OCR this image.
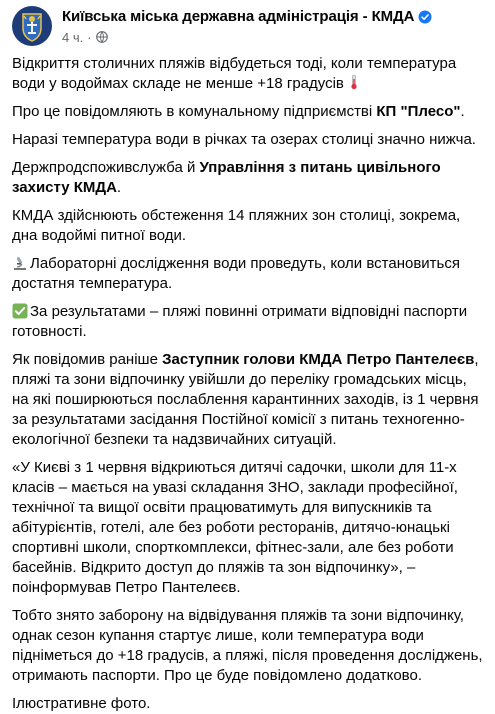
Київська міська державна адміністрація - КМДА
4 ч. ·

Відкриття столичних пляжів відбудеться тоді, коли температура води у водоймах складе не менше +18 градусів

Про це повідомляють в комунальному підприємстві КП "Плесо".

Наразі температура води в річках та озерах столиці значно нижча.

Держпродспоживслужба й Управління з питань цивільного захисту КМДА.

КМДА здійснюють обстеження 14 пляжних зон столиці, зокрема, дна водоймі питної води.

Лабораторні дослідження води проведуть, коли встановиться достатня температура.

За результатами – пляжі повинні отримати відповідні паспорти готовності.

Як повідомив раніше Заступник голови КМДА Петро Пантелеєв, пляжі та зони відпочинку увійшли до переліку громадських місць, на які поширюються послаблення карантинних заходів, із 1 червня за результатами засідання Постійної комісії з питань техногенно-екологічної безпеки та надзвичайних ситуацій.

«У Києві з 1 червня відкриються дитячі садочки, школи для 11-х класів – мається на увазі складання ЗНО, заклади професійної, технічної та вищої освіти працюватимуть для випускників та абітурієнтів, готелі, але без роботи ресторанів, дитячо-юнацькі спортивні школи, спорткомплекси, фітнес-зали, але без роботи басейнів. Відкрито доступ до пляжів та зон відпочинку», – поінформував Петро Пантелеєв.

Тобто знято заборону на відвідування пляжів та зони відпочинку, однак сезон купання стартує лише, коли температура води підніметься до +18 градусів, а пляжі, після проведення досліджень, отримають паспорти. Про це буде повідомлено додатково.

Ілюстративне фото.
